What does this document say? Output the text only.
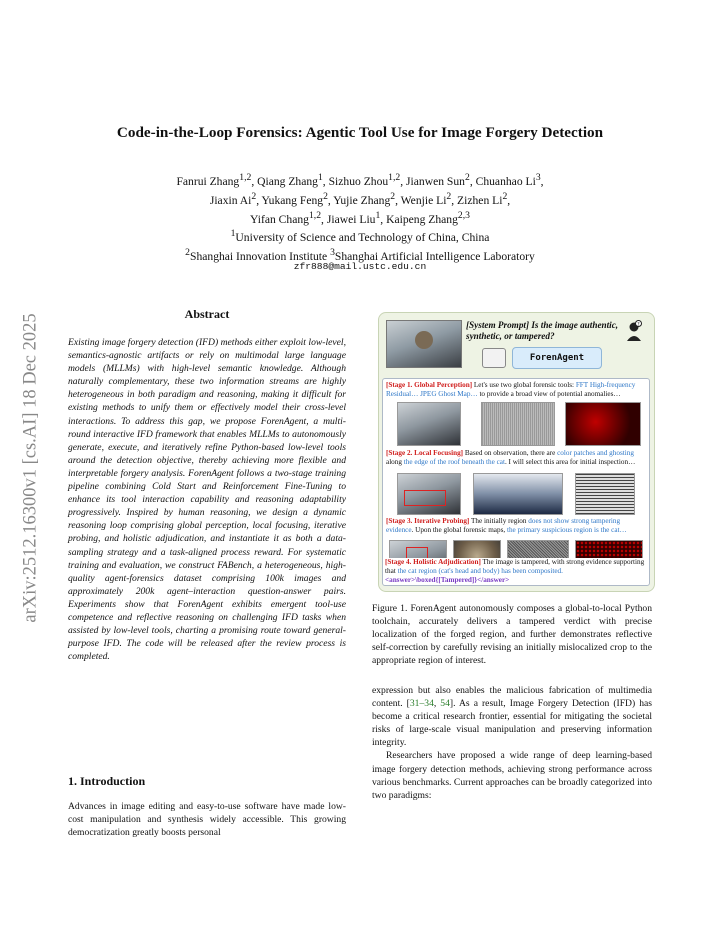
arXiv:2512.16300v1 [cs.AI] 18 Dec 2025
Code-in-the-Loop Forensics: Agentic Tool Use for Image Forgery Detection
Fanrui Zhang$^{1,2}$, Qiang Zhang$^1$, Sizhuo Zhou$^{1,2}$, Jianwen Sun$^2$, Chuanhao Li$^3$,
Jiaxin Ai$^2$, Yukang Feng$^2$, Yujie Zhang$^2$, Wenjie Li$^2$, Zizhen Li$^2$,
Yifan Chang$^{1,2}$, Jiawei Liu$^1$, Kaipeng Zhang$^{2,3}$
$^1$University of Science and Technology of China, China
$^2$Shanghai Innovation Institute $^3$Shanghai Artificial Intelligence Laboratory
zfr888@mail.ustc.edu.cn
Abstract
Existing image forgery detection (IFD) methods either exploit low-level, semantics-agnostic artifacts or rely on multimodal large language models (MLLMs) with high-level semantic knowledge. Although naturally complementary, these two information streams are highly heterogeneous in both paradigm and reasoning, making it difficult for existing methods to unify them or effectively model their cross-level interactions. To address this gap, we propose ForenAgent, a multi-round interactive IFD framework that enables MLLMs to autonomously generate, execute, and iteratively refine Python-based low-level tools around the detection objective, thereby achieving more flexible and interpretable forgery analysis. ForenAgent follows a two-stage training pipeline combining Cold Start and Reinforcement Fine-Tuning to enhance its tool interaction capability and reasoning adaptability progressively. Inspired by human reasoning, we design a dynamic reasoning loop comprising global perception, local focusing, iterative probing, and holistic adjudication, and instantiate it as both a data-sampling strategy and a task-aligned process reward. For systematic training and evaluation, we construct FABench, a heterogeneous, high-quality agent-forensics dataset comprising 100k images and approximately 200k agent–interaction question-answer pairs. Experiments show that ForenAgent exhibits emergent tool-use competence and reflective reasoning on challenging IFD tasks when assisted by low-level tools, charting a promising route toward general-purpose IFD. The code will be released after the review process is completed.
1. Introduction
Advances in image editing and easy-to-use software have made low-cost manipulation and synthesis widely accessible. This growing democratization greatly boosts personal
[System Prompt] Is the image authentic, synthetic, or tampered?
ForenAgent
?
[Stage 1. Global Perception] Let's use two global forensic tools: FFT High-frequency Residual… JPEG Ghost Map… to provide a broad view of potential anomalies…
[Stage 2. Local Focusing] Based on observation, there are color patches and ghosting along the edge of the roof beneath the cat. I will select this area for initial inspection…
[Stage 3. Iterative Probing] The initially region does not show strong tampering evidence. Upon the global forensic maps, the primary suspicious region is the cat…
[Stage 4. Holistic Adjudication] The image is tampered, with strong evidence supporting that the cat region (cat's head and body) has been composited.
<answer>\boxed{[Tampered]}</answer>
Figure 1. ForenAgent autonomously composes a global-to-local Python toolchain, accurately delivers a tampered verdict with precise localization of the forged region, and further demonstrates reflective self-correction by carefully revising an initially mislocalized crop to the appropriate region of interest.

expression but also enables the malicious fabrication of multimedia content. [31–34, 54]. As a result, Image Forgery Detection (IFD) has become a critical research frontier, essential for mitigating the societal risks of large-scale visual manipulation and preserving information integrity.

Researchers have proposed a wide range of deep learning-based image forgery detection methods, achieving strong performance across various benchmarks. Current approaches can be broadly categorized into two paradigms:
